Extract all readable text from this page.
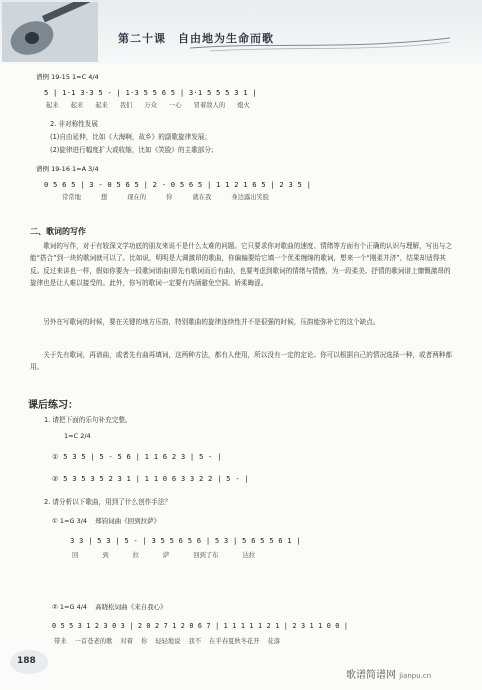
第二十课　自由地为生命而歌
谱例 19-15 1=C 4/4
5 | 1·1 3·3 5 - | 1·3 5 5 6 5 | 3·1 5 5 5 3 1 |
起来 起来 起来 我们 万众 一心 冒着敌人的 炮火
2. 非对称性发展
(1)自由延伸，比如《大海啊，故乡》的副歌旋律发展；
(2)旋律进行幅度扩大或收缩，比如《笑脸》的主歌部分；
谱例 19-16 1=A 3/4
0 5 6 5 | 3 - 0 5 6 5 | 2 - 0 5 6 5 | 1 1 2 1 6 5 | 2 3 5 |
常常地	想	现在的	你	就在我	身边露出笑脸
二、歌词的写作
歌词的写作，对于有较深文学功底的朋友来说不是什么太难的问题。它只要求你对歌曲的速度、情绪等方面有个正确的认识与理解，写出与之能“搭合”到一块的歌词就可以了。比如说，明明是大调激昂的歌曲，你偏偏要给它填一个优柔缠绵的歌词，想来一个“刚柔并济”，结果却适得其反。反过来讲也一样，假如你要为一段歌词谱曲(即先有歌词而后有曲)，也要考虑到歌词的情绪与情感，为一段柔美、抒情的歌词谱上慷慨激昂的旋律也是让人难以接受的。此外，你写的歌词一定要有内涵避免空洞、娇柔晦涩。
另外在写歌词的时候，要在关键的地方压韵，特别歌曲的旋律连续性并不是很强的时候，压韵能弥补它的这个缺点。
关于先有歌词，再谱曲，或者先有曲再填词，这两种方法，都有人使用，所以没有一定的定论。你可以根据自己的情况选择一种，或者两种都用。
课后练习：
1. 请把下面的乐句补充完整。
1=C 2/4
① 5 3 5 | 5 - 5 6 | 1 1 6 2 3 | 5 - |
② 5 3 5 3 5 2 3 1 | 1 1 0 6 3 3 2 2 | 5 - |
2. 请分析以下歌曲，用到了什么创作手法？
① 1=G 3/4 郑钧词曲《回到拉萨》
3 3 | 5 3 | 5 - | 3 5 5 6 5 6 | 5 3 | 5 6 5 5 6 1 |
回	到	拉	萨	回到了布	达拉
② 1=G 4/4 高晓松词曲《来自我心》
0 5 5 3 1 2 3 0 3 | 2 0 2 7 1 2 0 6 7 | 1 1 1 1 1 2 1 | 2 3 1 1 0 0 |
带来 一首苍老的歌 对着 你 轻轻地说 我不 在乎春夏秋冬花开 花落
188
歌谱简谱网 jianpu.cn
